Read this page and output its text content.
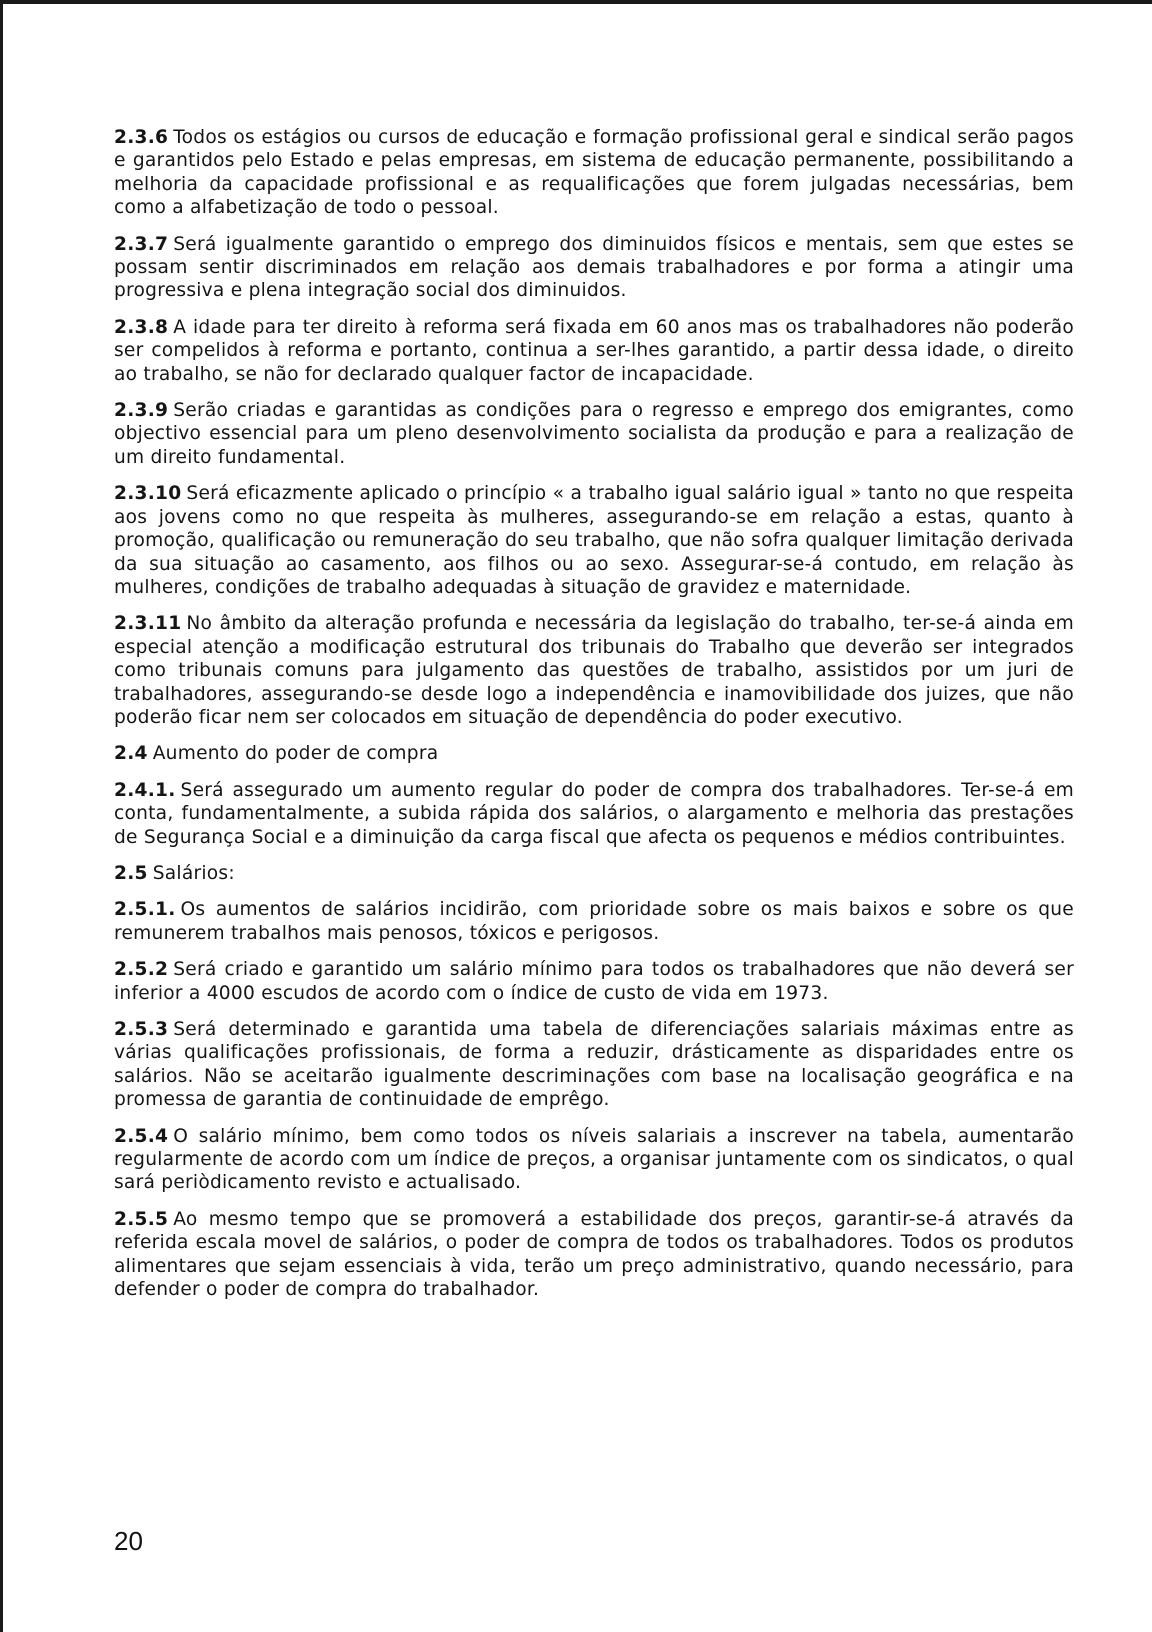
2.3.6 Todos os estágios ou cursos de educação e formação profissional geral e sindical serão pagos e garantidos pelo Estado e pelas empresas, em sistema de educação permanente, possibilitando a melhoria da capacidade profissional e as requalificações que forem julgadas necessárias, bem como a alfabetização de todo o pessoal.

2.3.7 Será igualmente garantido o emprego dos diminuidos físicos e mentais, sem que estes se possam sentir discriminados em relação aos demais trabalhadores e por forma a atingir uma progressiva e plena integração social dos diminuidos.

2.3.8 A idade para ter direito à reforma será fixada em 60 anos mas os trabalhadores não poderão ser compelidos à reforma e portanto, continua a ser-lhes garantido, a partir dessa idade, o direito ao trabalho, se não for declarado qualquer factor de incapacidade.

2.3.9 Serão criadas e garantidas as condições para o regresso e emprego dos emigrantes, como objectivo essencial para um pleno desenvolvimento socialista da produção e para a realização de um direito fundamental.

2.3.10 Será eficazmente aplicado o princípio « a trabalho igual salário igual » tanto no que respeita aos jovens como no que respeita às mulheres, assegurando-se em relação a estas, quanto à promoção, qualificação ou remuneração do seu trabalho, que não sofra qualquer limitação derivada da sua situação ao casamento, aos filhos ou ao sexo. Assegurar-se-á contudo, em relação às mulheres, condições de trabalho adequadas à situação de gravidez e maternidade.

2.3.11 No âmbito da alteração profunda e necessária da legislação do trabalho, ter-se-á ainda em especial atenção a modificação estrutural dos tribunais do Trabalho que deverão ser integrados como tribunais comuns para julgamento das questões de trabalho, assistidos por um juri de trabalhadores, assegurando-se desde logo a independência e inamovibilidade dos juizes, que não poderão ficar nem ser colocados em situação de dependência do poder executivo.

2.4 Aumento do poder de compra

2.4.1. Será assegurado um aumento regular do poder de compra dos trabalhadores. Ter-se-á em conta, fundamentalmente, a subida rápida dos salários, o alargamento e melhoria das prestações de Segurança Social e a diminuição da carga fiscal que afecta os pequenos e médios contribuintes.

2.5 Salários:

2.5.1. Os aumentos de salários incidirão, com prioridade sobre os mais baixos e sobre os que remunerem trabalhos mais penosos, tóxicos e perigosos.

2.5.2 Será criado e garantido um salário mínimo para todos os trabalhadores que não deverá ser inferior a 4000 escudos de acordo com o índice de custo de vida em 1973.

2.5.3 Será determinado e garantida uma tabela de diferenciações salariais máximas entre as várias qualificações profissionais, de forma a reduzir, drásticamente as disparidades entre os salários. Não se aceitarão igualmente descriminações com base na localisação geográfica e na promessa de garantia de continuidade de emprêgo.

2.5.4 O salário mínimo, bem como todos os níveis salariais a inscrever na tabela, aumentarão regularmente de acordo com um índice de preços, a organisar juntamente com os sindicatos, o qual sará periòdicamento revisto e actualisado.

2.5.5 Ao mesmo tempo que se promoverá a estabilidade dos preços, garantir-se-á através da referida escala movel de salários, o poder de compra de todos os trabalhadores. Todos os produtos alimentares que sejam essenciais à vida, terão um preço administrativo, quando necessário, para defender o poder de compra do trabalhador.

20
